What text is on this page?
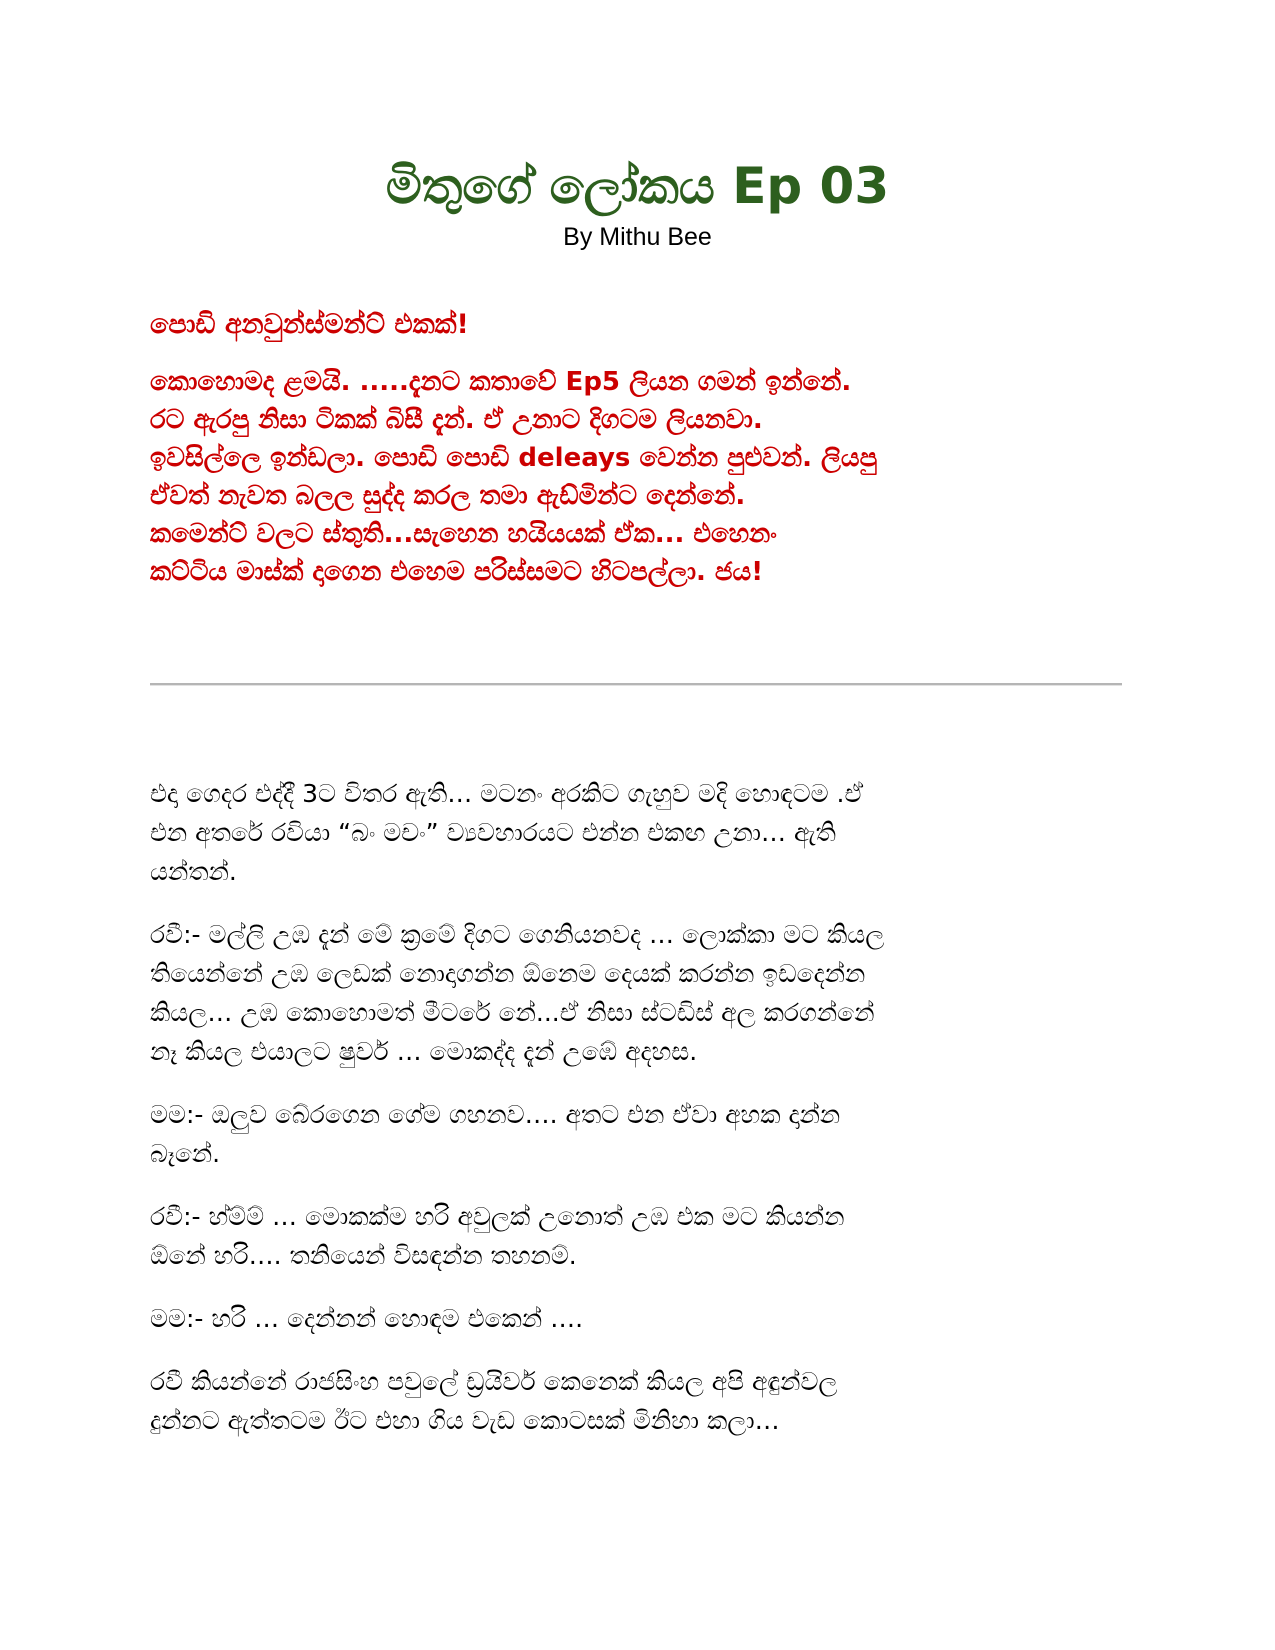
මිතුගේ ලෝකය Ep 03

By Mithu Bee

පොඩි අනවුන්ස්මන්ට් එකක්!

කොහොමද ළමයි. .....දැනට කතාවේ Ep5 ලියන ගමන් ඉන්නේ.

රට ඇරපු නිසා ටිකක් බිසී දැන්. ඒ උනාට දිගටම ලියනවා.

ඉවසිල්ලෙ ඉන්ඩලා. පොඩි පොඩි deleays වෙන්න පුළුවන්. ලියපු

ඒවත් නැවත බලල සුද්ද කරල තමා ඇඩ්මින්ට දෙන්නේ.

කමෙන්ට් වලට ස්තුති...සැහෙන හයියයක් ඒක... එහෙනං

කට්ටිය මාස්ක් දාගෙන එහෙම පරිස්සමට හිටපල්ලා. ජය!

එදා ගෙදර එද්දී 3ට විතර ඇති… මටනං අරකිට ගැහුව මදි හොඳටම .ඒ

එන අතරේ රවියා “බං මචං” ව්‍යවහාරයට එන්න එකඟ උනා… ඇති

යන්තන්.

රවී:- මල්ලි උඹ දැන් මේ ක්‍රමේ දිගට ගෙනියනවද … ලොක්කා මට කියල

තියෙන්නේ උඹ ලෙඩක් නොදාගන්න ඕනෙම දෙයක් කරන්න ඉඩදෙන්න

කියල… උඹ කොහොමත් මීටරේ නේ...ඒ නිසා ස්ටඩිස් අල කරගන්නේ

නෑ කියල එයාලට ෂුවර් … මොකද්ද දැන් උඹේ අදහස.

මම:- ඔලුව බේරගෙන ගේම ගහනව…. අතට එන ඒවා අහක දාන්න

බෑනේ.

රවී:- හ්ම්ම් … මොකක්ම හරි අවුලක් උනොත් උඹ එක මට කියන්න

ඕනේ හරි…. තනියෙන් විසඳන්න තහනම්.

මම:- හරි … දෙන්නන් හොඳම එකෙන් ….

රවී කියන්නේ රාජසිංහ පවුලේ ඩ්‍රයිවර් කෙනෙක් කියල අපි අඳුන්වල

දුන්නට ඇත්තටම ඊට එහා ගිය වැඩ කොටසක් මිනිහා කලා…
